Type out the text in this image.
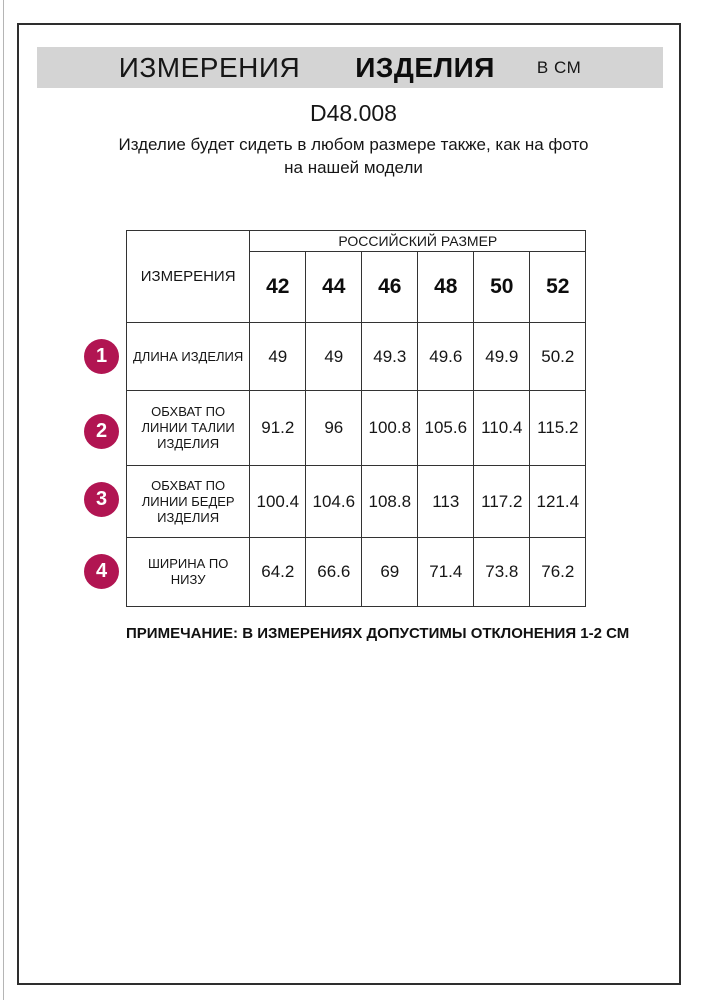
ИЗМЕРЕНИЯ ИЗДЕЛИЯ В СМ
D48.008
Изделие будет сидеть в любом размере также, как на фото
на нашей модели
ИЗМЕРЕНИЯ	РОССИЙСКИЙ РАЗМЕР					
	42	44	46	48	50	52
ДЛИНА ИЗДЕЛИЯ	49	49	49.3	49.6	49.9	50.2
ОБХВАТ ПО ЛИНИИ ТАЛИИ ИЗДЕЛИЯ	91.2	96	100.8	105.6	110.4	115.2
ОБХВАТ ПО ЛИНИИ БЕДЕР ИЗДЕЛИЯ	100.4	104.6	108.8	113	117.2	121.4
ШИРИНА ПО НИЗУ	64.2	66.6	69	71.4	73.8	76.2
1
2
3
4
ПРИМЕЧАНИЕ: В ИЗМЕРЕНИЯХ ДОПУСТИМЫ ОТКЛОНЕНИЯ 1-2 СМ
